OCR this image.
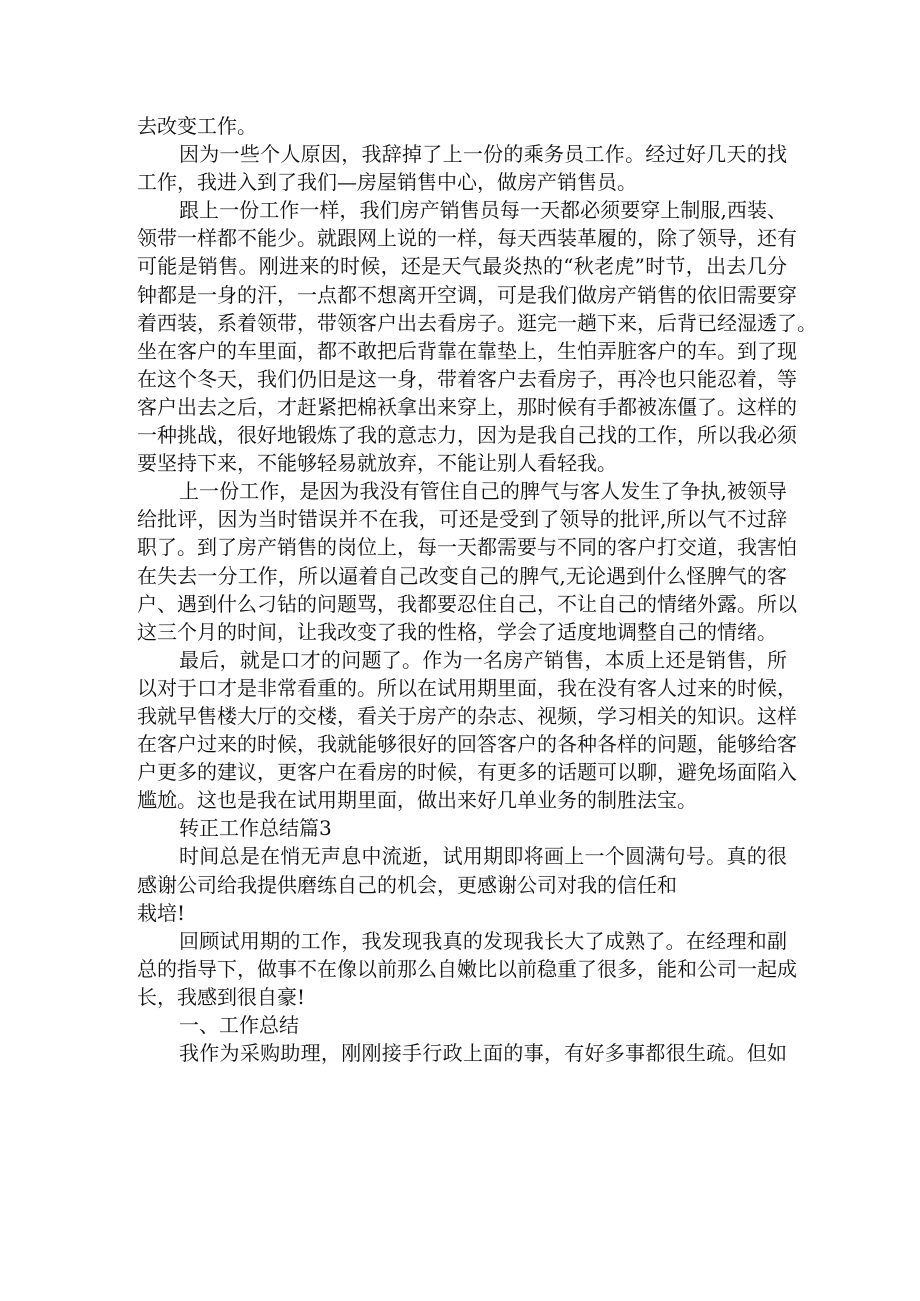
去改变工作。
因为一些个人原因，我辞掉了上一份的乘务员工作。经过好几天的找
工作，我进入到了我们—房屋销售中心，做房产销售员。
跟上一份工作一样，我们房产销售员每一天都必须要穿上制服,西装、
领带一样都不能少。就跟网上说的一样，每天西装革履的，除了领导，还有
可能是销售。刚进来的时候，还是天气最炎热的“秋老虎”时节，出去几分
钟都是一身的汗，一点都不想离开空调，可是我们做房产销售的依旧需要穿
着西装，系着领带，带领客户出去看房子。逛完一趟下来，后背已经湿透了。
坐在客户的车里面，都不敢把后背靠在靠垫上，生怕弄脏客户的车。到了现
在这个冬天，我们仍旧是这一身，带着客户去看房子，再冷也只能忍着，等
客户出去之后，才赶紧把棉袄拿出来穿上，那时候有手都被冻僵了。这样的
一种挑战，很好地锻炼了我的意志力，因为是我自己找的工作，所以我必须
要坚持下来，不能够轻易就放弃，不能让别人看轻我。
上一份工作，是因为我没有管住自己的脾气与客人发生了争执,被领导
给批评，因为当时错误并不在我，可还是受到了领导的批评,所以气不过辞
职了。到了房产销售的岗位上，每一天都需要与不同的客户打交道，我害怕
在失去一分工作，所以逼着自己改变自己的脾气,无论遇到什么怪脾气的客
户、遇到什么刁钻的问题骂，我都要忍住自己，不让自己的情绪外露。所以
这三个月的时间，让我改变了我的性格，学会了适度地调整自己的情绪。
最后，就是口才的问题了。作为一名房产销售，本质上还是销售，所
以对于口才是非常看重的。所以在试用期里面，我在没有客人过来的时候，
我就早售楼大厅的交楼，看关于房产的杂志、视频，学习相关的知识。这样
在客户过来的时候，我就能够很好的回答客户的各种各样的问题，能够给客
户更多的建议，更客户在看房的时候，有更多的话题可以聊，避免场面陷入
尴尬。这也是我在试用期里面，做出来好几单业务的制胜法宝。
转正工作总结篇3
时间总是在悄无声息中流逝，试用期即将画上一个圆满句号。真的很
感谢公司给我提供磨练自己的机会，更感谢公司对我的信任和
栽培!
回顾试用期的工作，我发现我真的发现我长大了成熟了。在经理和副
总的指导下，做事不在像以前那么自嫩比以前稳重了很多，能和公司一起成
长，我感到很自豪!
一、工作总结
我作为采购助理，刚刚接手行政上面的事，有好多事都很生疏。但如
